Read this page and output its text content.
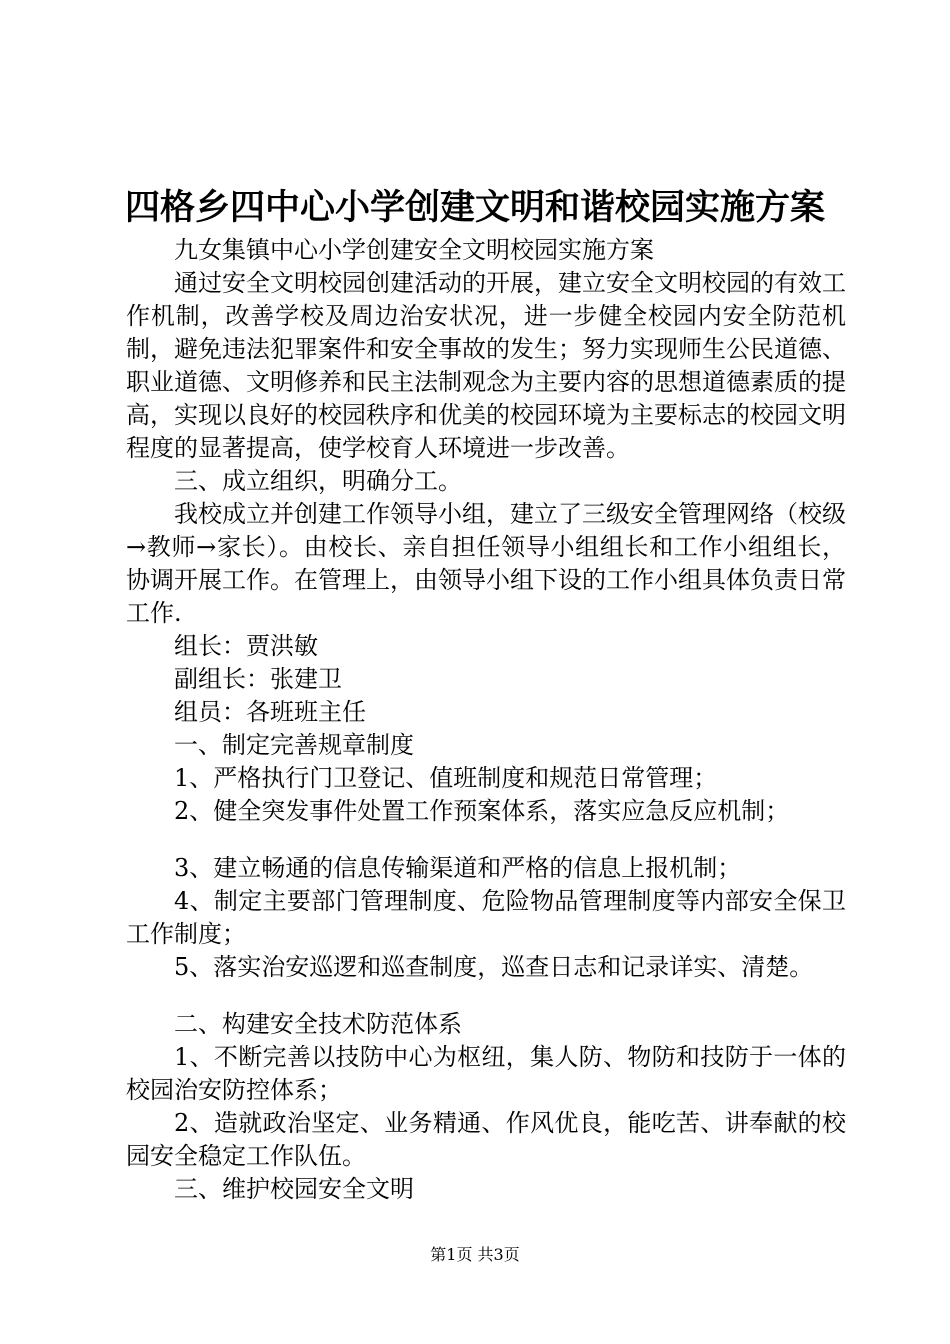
四格乡四中心小学创建文明和谐校园实施方案

九女集镇中心小学创建安全文明校园实施方案

通过安全文明校园创建活动的开展，建立安全文明校园的有效工作机制，改善学校及周边治安状况，进一步健全校园内安全防范机制，避免违法犯罪案件和安全事故的发生；努力实现师生公民道德、职业道德、文明修养和民主法制观念为主要内容的思想道德素质的提高，实现以良好的校园秩序和优美的校园环境为主要标志的校园文明程度的显著提高，使学校育人环境进一步改善。

三、成立组织，明确分工。

我校成立并创建工作领导小组，建立了三级安全管理网络（校级→教师→家长）。由校长、亲自担任领导小组组长和工作小组组长，协调开展工作。在管理上，由领导小组下设的工作小组具体负责日常工作.

组长：贾洪敏

副组长：张建卫

组员：各班班主任

一、制定完善规章制度

1、严格执行门卫登记、值班制度和规范日常管理；

2、健全突发事件处置工作预案体系，落实应急反应机制；

3、建立畅通的信息传输渠道和严格的信息上报机制；

4、制定主要部门管理制度、危险物品管理制度等内部安全保卫工作制度；

5、落实治安巡逻和巡查制度，巡查日志和记录详实、清楚。

二、构建安全技术防范体系

1、不断完善以技防中心为枢纽，集人防、物防和技防于一体的校园治安防控体系；

2、造就政治坚定、业务精通、作风优良，能吃苦、讲奉献的校园安全稳定工作队伍。

三、维护校园安全文明

第1页 共3页
